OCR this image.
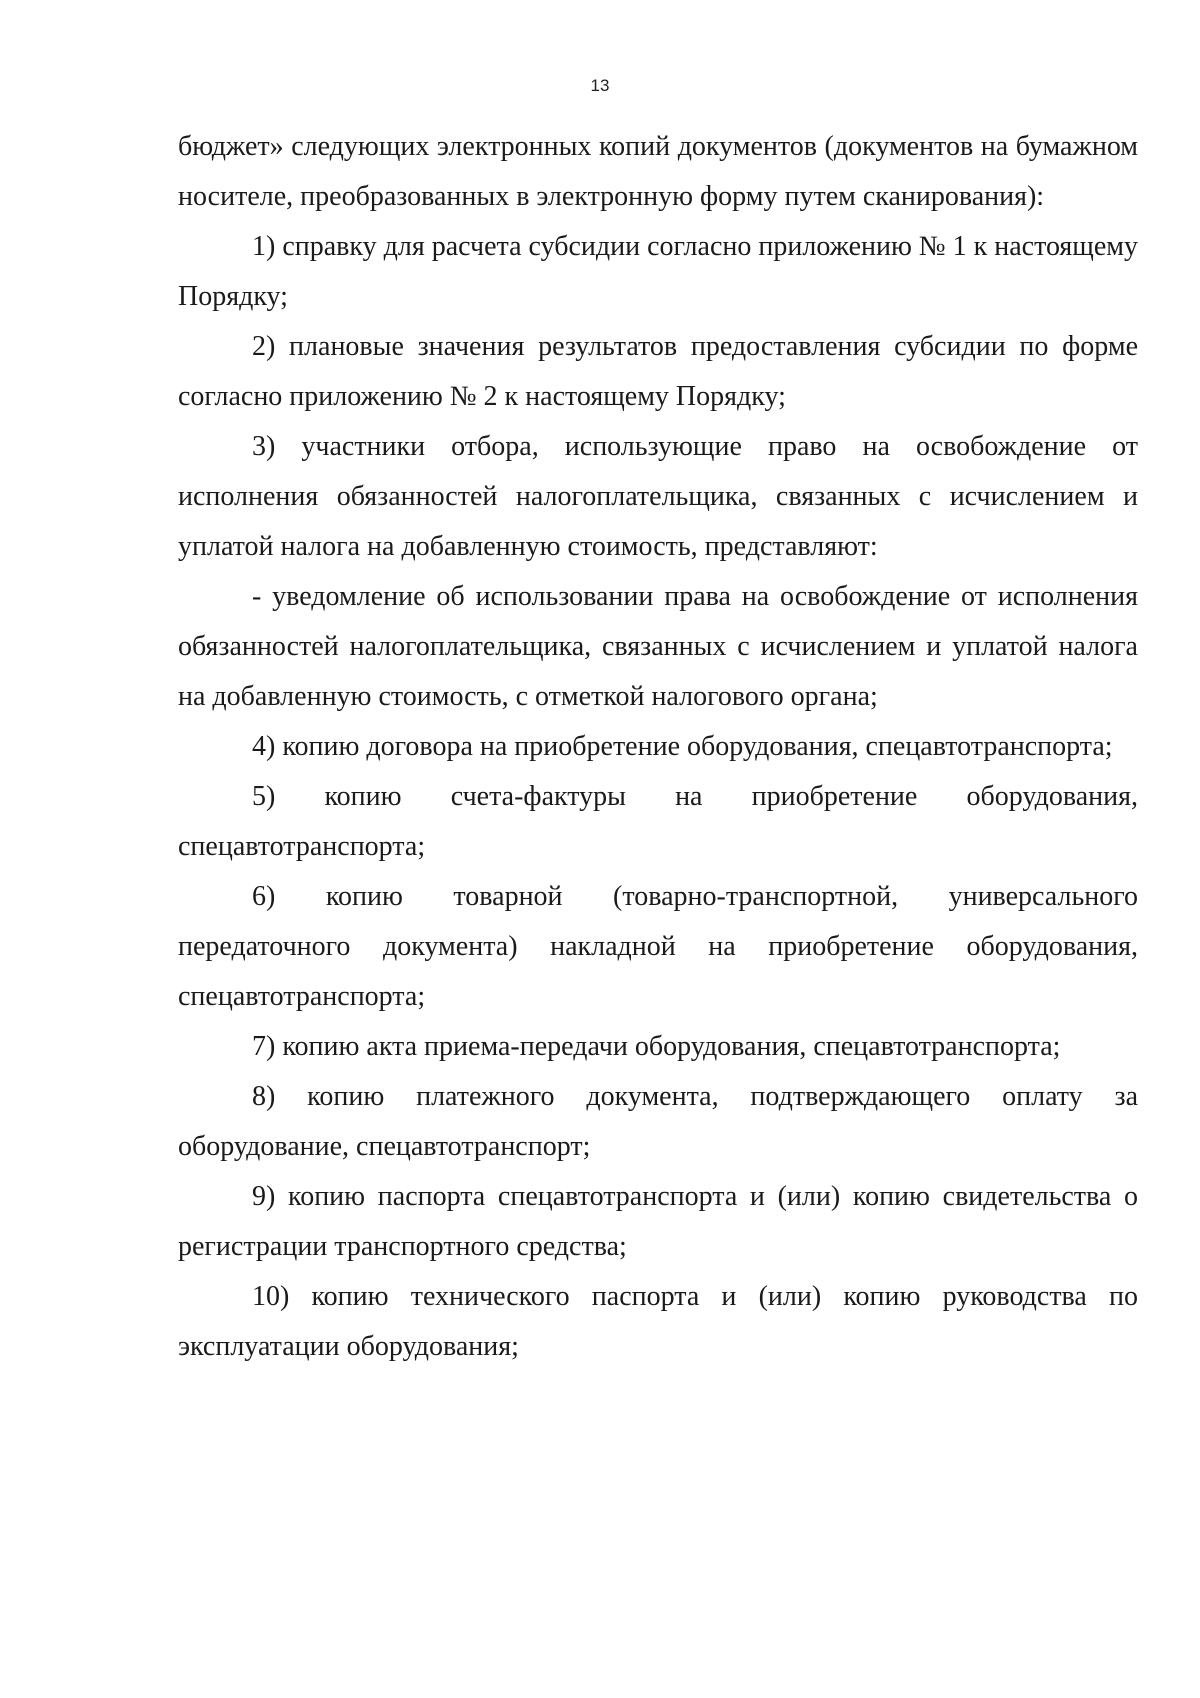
13

бюджет» следующих электронных копий документов (документов на бумажном носителе, преобразованных в электронную форму путем сканирования):

1) справку для расчета субсидии согласно приложению № 1 к настоящему Порядку;

2) плановые значения результатов предоставления субсидии по форме согласно приложению № 2 к настоящему Порядку;

3) участники отбора, использующие право на освобождение от исполнения обязанностей налогоплательщика, связанных с исчислением и уплатой налога на добавленную стоимость, представляют:

- уведомление об использовании права на освобождение от исполнения обязанностей налогоплательщика, связанных с исчислением и уплатой налога на добавленную стоимость, с отметкой налогового органа;

4) копию договора на приобретение оборудования, спецавтотранспорта;

5) копию счета-фактуры на приобретение оборудования, спецавтотранспорта;

6) копию товарной (товарно-транспортной, универсального передаточного документа) накладной на приобретение оборудования, спецавтотранспорта;

7) копию акта приема-передачи оборудования, спецавтотранспорта;

8) копию платежного документа, подтверждающего оплату за оборудование, спецавтотранспорт;

9) копию паспорта спецавтотранспорта и (или) копию свидетельства о регистрации транспортного средства;

10) копию технического паспорта и (или) копию руководства по эксплуатации оборудования;
